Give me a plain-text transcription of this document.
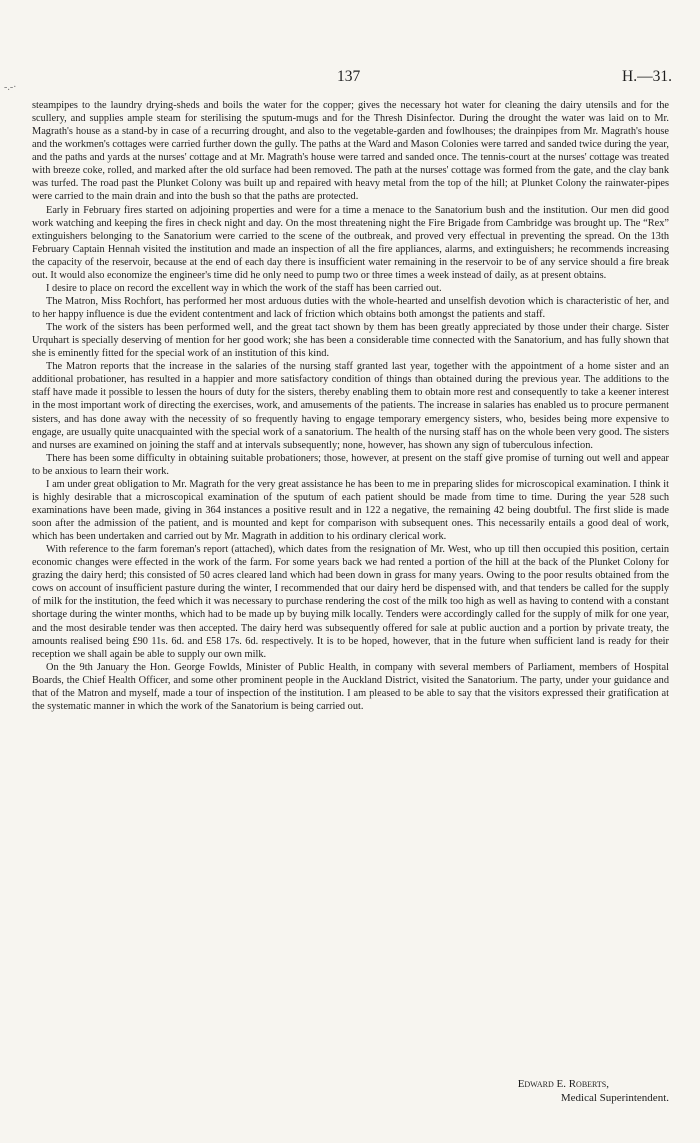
137	H.—31.
-.-·

steampipes to the laundry drying-sheds and boils the water for the copper; gives the necessary hot water for cleaning the dairy utensils and for the scullery, and supplies ample steam for sterilising the sputum-mugs and for the Thresh Disinfector. During the drought the water was laid on to Mr. Magrath's house as a stand-by in case of a recurring drought, and also to the vegetable-garden and fowlhouses; the drainpipes from Mr. Magrath's house and the workmen's cottages were carried further down the gully. The paths at the Ward and Mason Colonies were tarred and sanded twice during the year, and the paths and yards at the nurses' cottage and at Mr. Magrath's house were tarred and sanded once. The tennis-court at the nurses' cottage was treated with breeze coke, rolled, and marked after the old surface had been removed. The path at the nurses' cottage was formed from the gate, and the clay bank was turfed. The road past the Plunket Colony was built up and repaired with heavy metal from the top of the hill; at Plunket Colony the rainwater-pipes were carried to the main drain and into the bush so that the paths are protected.

Early in February fires started on adjoining properties and were for a time a menace to the Sanatorium bush and the institution. Our men did good work watching and keeping the fires in check night and day. On the most threatening night the Fire Brigade from Cambridge was brought up. The “Rex” extinguishers belonging to the Sanatorium were carried to the scene of the outbreak, and proved very effectual in preventing the spread. On the 13th February Captain Hennah visited the institution and made an inspection of all the fire appliances, alarms, and extinguishers; he recommends increasing the capacity of the reservoir, because at the end of each day there is insufficient water remaining in the reservoir to be of any service should a fire break out. It would also economize the engineer's time did he only need to pump two or three times a week instead of daily, as at present obtains.

I desire to place on record the excellent way in which the work of the staff has been carried out.

The Matron, Miss Rochfort, has performed her most arduous duties with the whole-hearted and unselfish devotion which is characteristic of her, and to her happy influence is due the evident contentment and lack of friction which obtains both amongst the patients and staff.

The work of the sisters has been performed well, and the great tact shown by them has been greatly appreciated by those under their charge. Sister Urquhart is specially deserving of mention for her good work; she has been a considerable time connected with the Sanatorium, and has fully shown that she is eminently fitted for the special work of an institution of this kind.

The Matron reports that the increase in the salaries of the nursing staff granted last year, together with the appointment of a home sister and an additional probationer, has resulted in a happier and more satisfactory condition of things than obtained during the previous year. The additions to the staff have made it possible to lessen the hours of duty for the sisters, thereby enabling them to obtain more rest and consequently to take a keener interest in the most important work of directing the exercises, work, and amusements of the patients. The increase in salaries has enabled us to procure permanent sisters, and has done away with the necessity of so frequently having to engage temporary emergency sisters, who, besides being more expensive to engage, are usually quite unacquainted with the special work of a sanatorium. The health of the nursing staff has on the whole been very good. The sisters and nurses are examined on joining the staff and at intervals subsequently; none, however, has shown any sign of tuberculous infection.

There has been some difficulty in obtaining suitable probationers; those, however, at present on the staff give promise of turning out well and appear to be anxious to learn their work.

I am under great obligation to Mr. Magrath for the very great assistance he has been to me in preparing slides for microscopical examination. I think it is highly desirable that a microscopical examination of the sputum of each patient should be made from time to time. During the year 528 such examinations have been made, giving in 364 instances a positive result and in 122 a negative, the remaining 42 being doubtful. The first slide is made soon after the admission of the patient, and is mounted and kept for comparison with subsequent ones. This necessarily entails a good deal of work, which has been undertaken and carried out by Mr. Magrath in addition to his ordinary clerical work.

With reference to the farm foreman's report (attached), which dates from the resignation of Mr. West, who up till then occupied this position, certain economic changes were effected in the work of the farm. For some years back we had rented a portion of the hill at the back of the Plunket Colony for grazing the dairy herd; this consisted of 50 acres cleared land which had been down in grass for many years. Owing to the poor results obtained from the cows on account of insufficient pasture during the winter, I recommended that our dairy herd be dispensed with, and that tenders be called for the supply of milk for the institution, the feed which it was necessary to purchase rendering the cost of the milk too high as well as having to contend with a constant shortage during the winter months, which had to be made up by buying milk locally. Tenders were accordingly called for the supply of milk for one year, and the most desirable tender was then accepted. The dairy herd was subsequently offered for sale at public auction and a portion by private treaty, the amounts realised being £90 11s. 6d. and £58 17s. 6d. respectively. It is to be hoped, however, that in the future when sufficient land is ready for their reception we shall again be able to supply our own milk.

On the 9th January the Hon. George Fowlds, Minister of Public Health, in company with several members of Parliament, members of Hospital Boards, the Chief Health Officer, and some other prominent people in the Auckland District, visited the Sanatorium. The party, under your guidance and that of the Matron and myself, made a tour of inspection of the institution. I am pleased to be able to say that the visitors expressed their gratification at the systematic manner in which the work of the Sanatorium is being carried out.

Edward E. Roberts,
Medical Superintendent.
